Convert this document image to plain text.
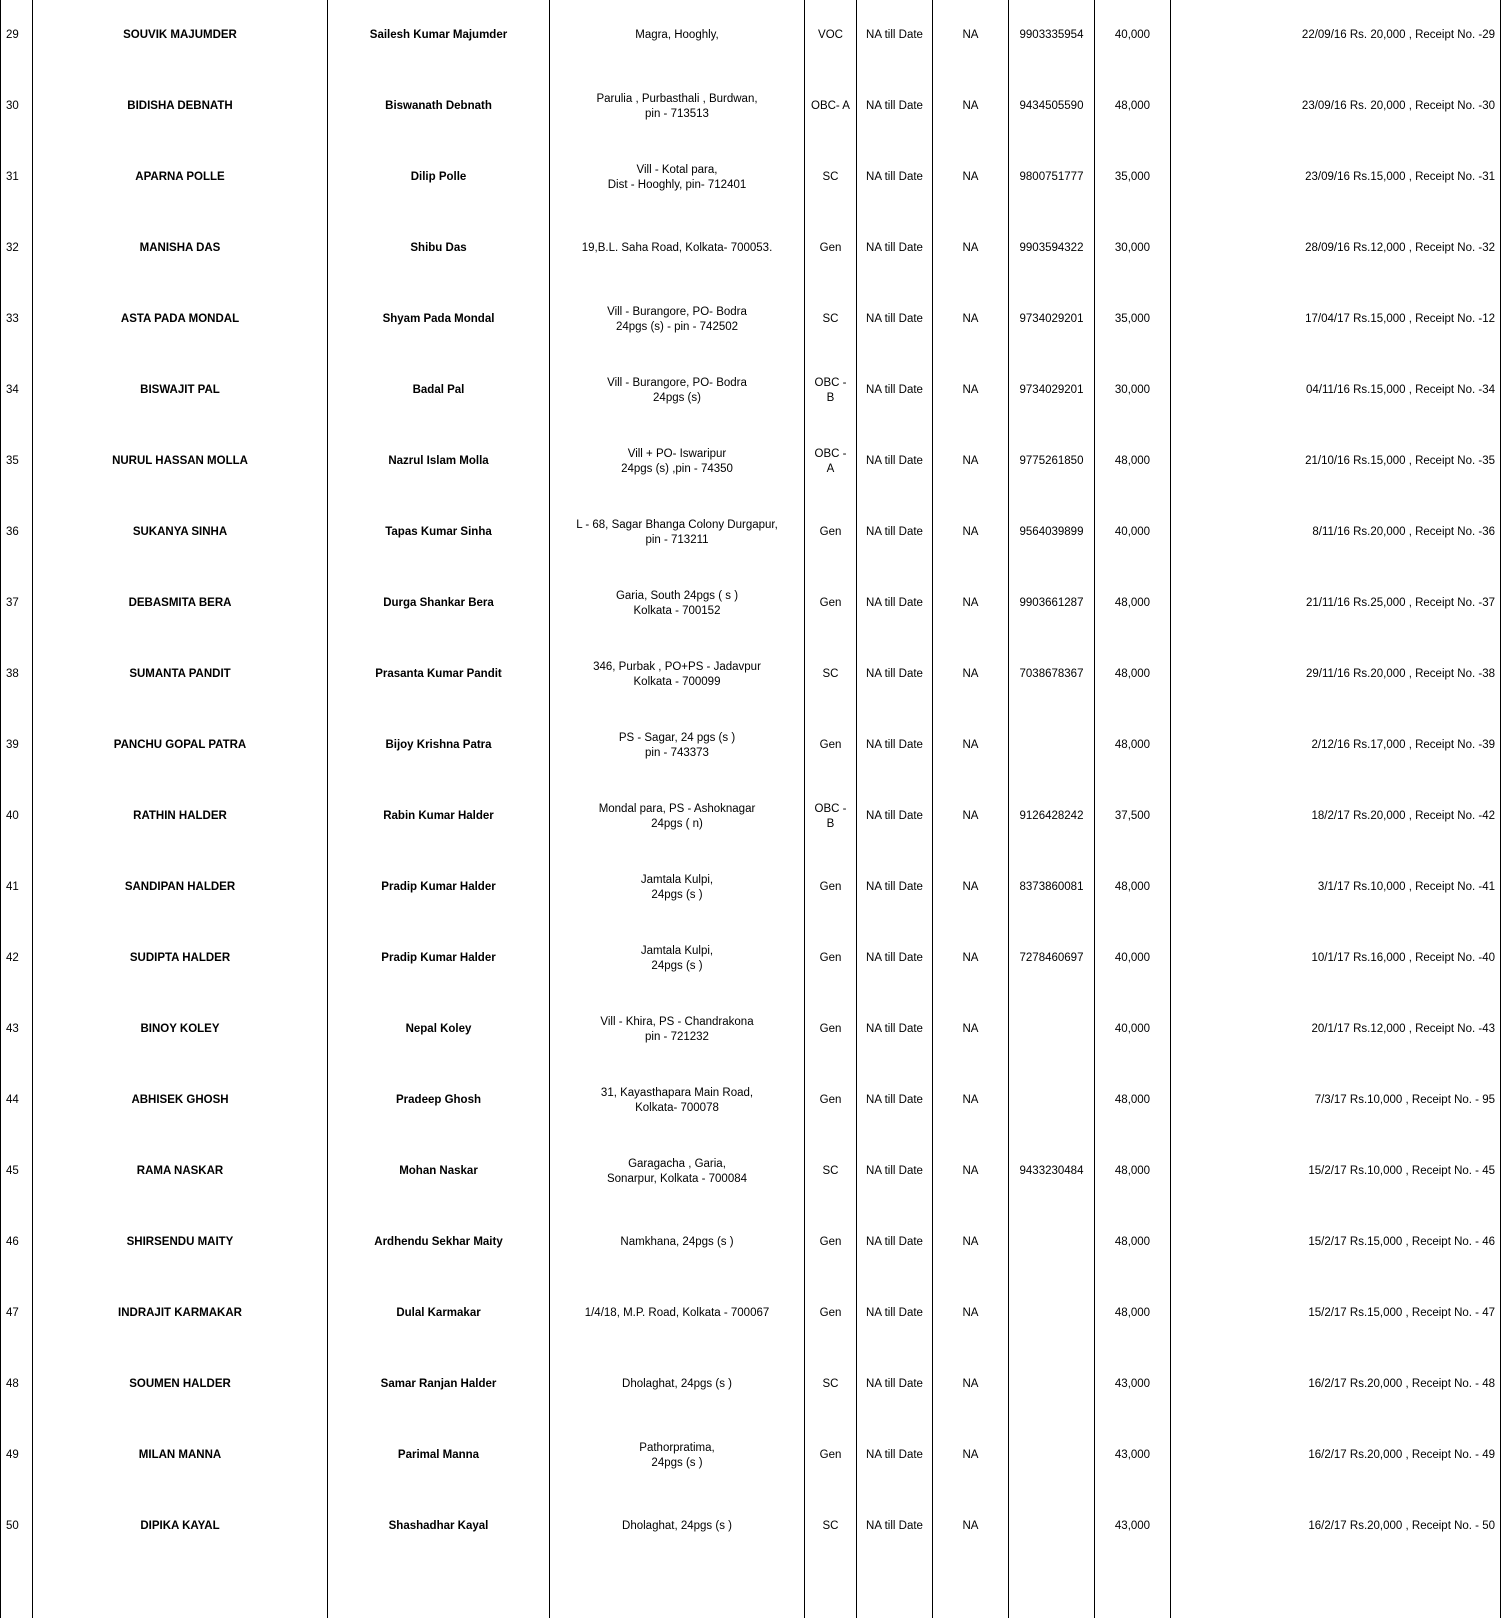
29	SOUVIK MAJUMDER	Sailesh Kumar Majumder	Magra, Hooghly,	VOC	NA till Date	NA	9903335954	40,000	22/09/16 Rs. 20,000 , Receipt No. -29
30	BIDISHA DEBNATH	Biswanath Debnath	Parulia , Purbasthali , Burdwan,
pin - 713513	OBC- A	NA till Date	NA	9434505590	48,000	23/09/16 Rs. 20,000 , Receipt No. -30
31	APARNA POLLE	Dilip Polle	Vill - Kotal para,
Dist - Hooghly, pin- 712401	SC	NA till Date	NA	9800751777	35,000	23/09/16 Rs.15,000 , Receipt No. -31
32	MANISHA DAS	Shibu Das	19,B.L. Saha Road, Kolkata- 700053.	Gen	NA till Date	NA	9903594322	30,000	28/09/16 Rs.12,000 , Receipt No. -32
33	ASTA PADA MONDAL	Shyam Pada Mondal	Vill - Burangore, PO- Bodra
24pgs (s) - pin - 742502	SC	NA till Date	NA	9734029201	35,000	17/04/17 Rs.15,000 , Receipt No. -12
34	BISWAJIT PAL	Badal Pal	Vill - Burangore, PO- Bodra
24pgs (s)	OBC - B	NA till Date	NA	9734029201	30,000	04/11/16 Rs.15,000 , Receipt No. -34
35	NURUL HASSAN MOLLA	Nazrul Islam Molla	Vill + PO- Iswaripur
24pgs (s) ,pin - 74350	OBC - A	NA till Date	NA	9775261850	48,000	21/10/16 Rs.15,000 , Receipt No. -35
36	SUKANYA SINHA	Tapas Kumar Sinha	L - 68, Sagar Bhanga Colony Durgapur,
pin - 713211	Gen	NA till Date	NA	9564039899	40,000	8/11/16 Rs.20,000 , Receipt No. -36
37	DEBASMITA BERA	Durga Shankar Bera	Garia, South 24pgs ( s )
Kolkata - 700152	Gen	NA till Date	NA	9903661287	48,000	21/11/16 Rs.25,000 , Receipt No. -37
38	SUMANTA PANDIT	Prasanta Kumar Pandit	346, Purbak , PO+PS - Jadavpur
Kolkata - 700099	SC	NA till Date	NA	7038678367	48,000	29/11/16 Rs.20,000 , Receipt No. -38
39	PANCHU GOPAL PATRA	Bijoy Krishna Patra	PS - Sagar, 24 pgs (s )
pin - 743373	Gen	NA till Date	NA		48,000	2/12/16 Rs.17,000 , Receipt No. -39
40	RATHIN HALDER	Rabin Kumar Halder	Mondal para, PS - Ashoknagar
24pgs ( n)	OBC - B	NA till Date	NA	9126428242	37,500	18/2/17 Rs.20,000 , Receipt No. -42
41	SANDIPAN HALDER	Pradip Kumar Halder	Jamtala Kulpi,
24pgs (s )	Gen	NA till Date	NA	8373860081	48,000	3/1/17 Rs.10,000 , Receipt No. -41
42	SUDIPTA HALDER	Pradip Kumar Halder	Jamtala Kulpi,
24pgs (s )	Gen	NA till Date	NA	7278460697	40,000	10/1/17 Rs.16,000 , Receipt No. -40
43	BINOY KOLEY	Nepal Koley	Vill - Khira, PS - Chandrakona
pin - 721232	Gen	NA till Date	NA		40,000	20/1/17 Rs.12,000 , Receipt No. -43
44	ABHISEK GHOSH	Pradeep Ghosh	31, Kayasthapara Main Road,
Kolkata- 700078	Gen	NA till Date	NA		48,000	7/3/17 Rs.10,000 , Receipt No. - 95
45	RAMA NASKAR	Mohan Naskar	Garagacha , Garia,
Sonarpur, Kolkata - 700084	SC	NA till Date	NA	9433230484	48,000	15/2/17 Rs.10,000 , Receipt No. - 45
46	SHIRSENDU MAITY	Ardhendu Sekhar Maity	Namkhana, 24pgs (s )	Gen	NA till Date	NA		48,000	15/2/17 Rs.15,000 , Receipt No. - 46
47	INDRAJIT KARMAKAR	Dulal Karmakar	1/4/18, M.P. Road, Kolkata - 700067	Gen	NA till Date	NA		48,000	15/2/17 Rs.15,000 , Receipt No. - 47
48	SOUMEN HALDER	Samar Ranjan Halder	Dholaghat, 24pgs (s )	SC	NA till Date	NA		43,000	16/2/17 Rs.20,000 , Receipt No. - 48
49	MILAN MANNA	Parimal Manna	Pathorpratima,
24pgs (s )	Gen	NA till Date	NA		43,000	16/2/17 Rs.20,000 , Receipt No. - 49
50	DIPIKA KAYAL	Shashadhar Kayal	Dholaghat, 24pgs (s )	SC	NA till Date	NA		43,000	16/2/17 Rs.20,000 , Receipt No. - 50
